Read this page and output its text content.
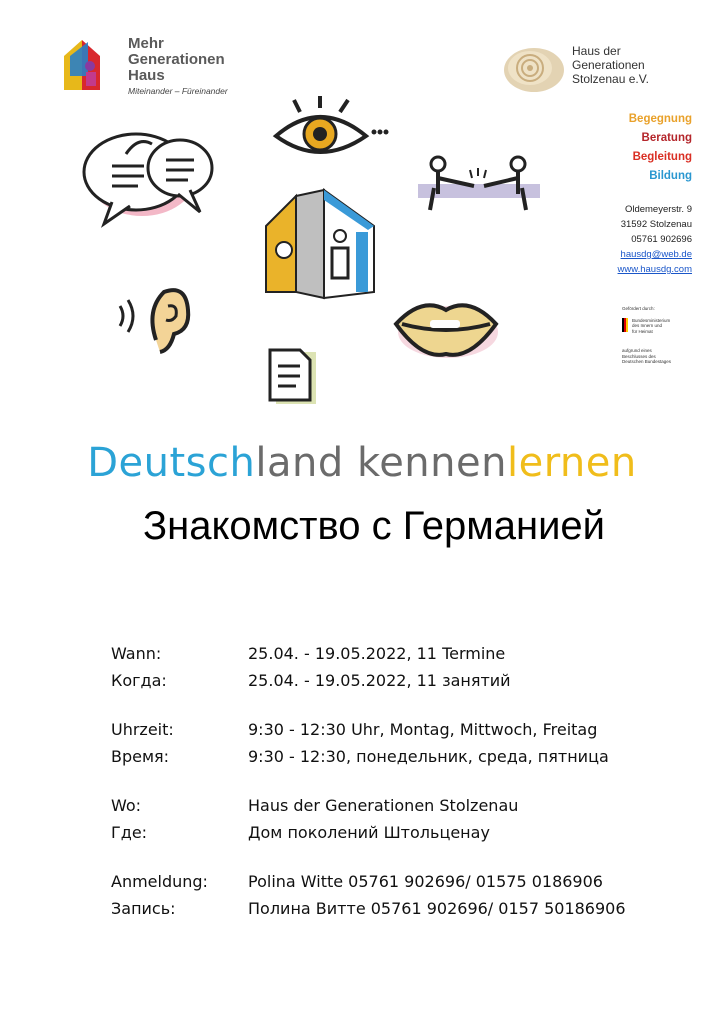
Mehr
Generationen
Haus
Miteinander – Füreinander
Haus der
Generationen
Stolzenau e.V.
Begegnung
Beratung
Begleitung
Bildung
Oldemeyerstr. 9
31592 Stolzenau
05761 902696
hausdg@web.de
www.hausdg.com
Gefördert durch:
Bundesministerium des Innern und für Heimat
aufgrund eines Beschlusses des Deutschen Bundestages
Deutschland kennenlernen
Знакомство с Германией
Wann:	25.04. - 19.05.2022, 11 Termine
Когда:	25.04. - 19.05.2022, 11 занятий
Uhrzeit:	9:30 - 12:30 Uhr, Montag, Mittwoch, Freitag
Время:	9:30 - 12:30, понедельник, среда, пятница
Wo:	Haus der Generationen Stolzenau
Где:	Дом поколений Штольценау
Anmeldung:	Polina Witte 05761 902696/ 01575 0186906
Запись:	Полина Витте 05761 902696/ 0157 50186906
